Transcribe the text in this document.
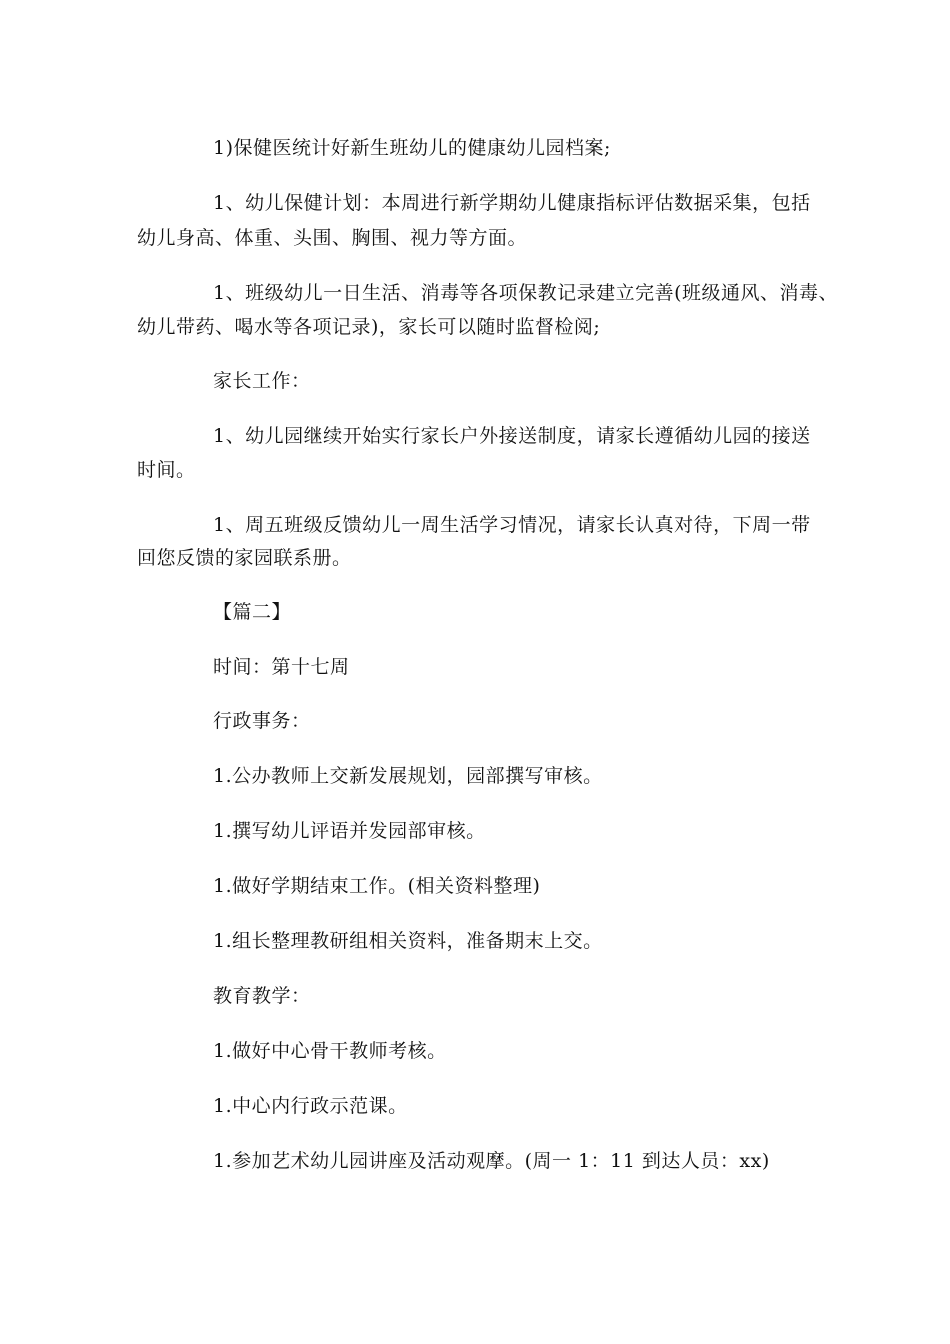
1)保健医统计好新生班幼儿的健康幼儿园档案;

1、幼儿保健计划：本周进行新学期幼儿健康指标评估数据采集，包括

幼儿身高、体重、头围、胸围、视力等方面。

1、班级幼儿一日生活、消毒等各项保教记录建立完善(班级通风、消毒、

幼儿带药、喝水等各项记录)，家长可以随时监督检阅;

家长工作：

1、幼儿园继续开始实行家长户外接送制度，请家长遵循幼儿园的接送

时间。

1、周五班级反馈幼儿一周生活学习情况，请家长认真对待，下周一带

回您反馈的家园联系册。

【篇二】

时间：第十七周

行政事务：

1.公办教师上交新发展规划，园部撰写审核。

1.撰写幼儿评语并发园部审核。

1.做好学期结束工作。(相关资料整理)

1.组长整理教研组相关资料，准备期末上交。

教育教学：

1.做好中心骨干教师考核。

1.中心内行政示范课。

1.参加艺术幼儿园讲座及活动观摩。(周一 1：11 到达人员：xx)
